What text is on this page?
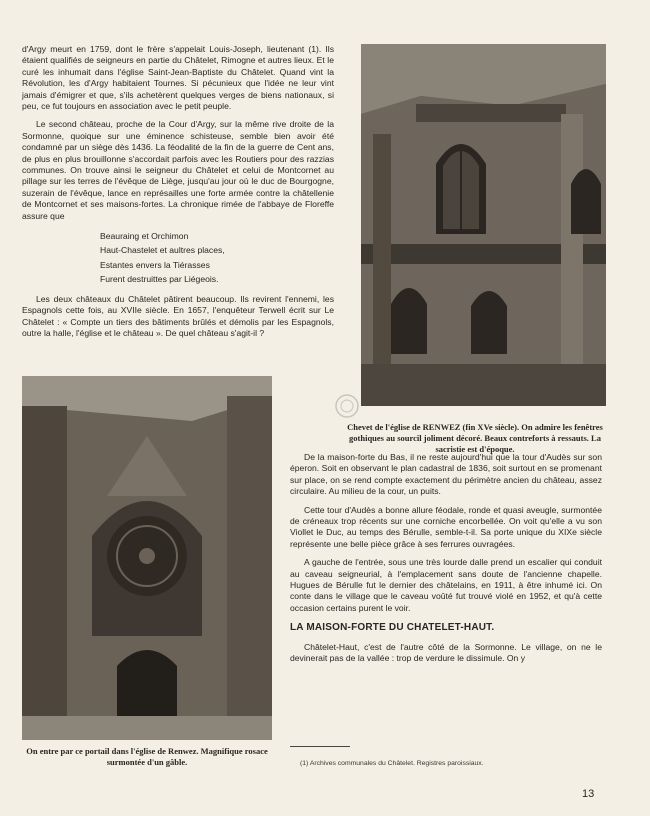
d'Argy meurt en 1759, dont le frère s'appelait Louis-Joseph, lieutenant (1). Ils étaient qualifiés de seigneurs en partie du Châtelet, Rimogne et autres lieux. Et le curé les inhumait dans l'église Saint-Jean-Baptiste du Châtelet. Quand vint la Révolution, les d'Argy habitaient Tournes. Si pécunieux que l'idée ne leur vint jamais d'émigrer et que, s'ils achetèrent quelques verges de biens nationaux, si peu, ce fut toujours en association avec le petit peuple.

Le second château, proche de la Cour d'Argy, sur la même rive droite de la Sormonne, quoique sur une éminence schisteuse, semble bien avoir été condamné par un siège dès 1436. La féodalité de la fin de la guerre de Cent ans, de plus en plus brouillonne s'accordait parfois avec les Routiers pour des razzias communes. On trouve ainsi le seigneur du Châtelet et celui de Montcornet au pillage sur les terres de l'évêque de Liège, jusqu'au jour où le duc de Bourgogne, suzerain de l'évêque, lance en représailles une forte armée contre la châtellenie de Montcornet et ses maisons-fortes. La chronique rimée de l'abbaye de Floreffe assure que

Beauraing et Orchimon
Haut-Chastelet et aultres places,
Estantes envers la Tiérasses
Furent destruittes par Liégeois.

Les deux châteaux du Châtelet pâtirent beaucoup. Ils revirent l'ennemi, les Espagnols cette fois, au XVIIe siècle. En 1657, l'enquêteur Terwell écrit sur Le Châtelet : « Compte un tiers des bâtiments brûlés et démolis par les Espagnols, outre la halle, l'église et le château ». De quel château s'agit-il ?

Chevet de l'église de RENWEZ (fin XVe siècle). On admire les fenêtres gothiques au sourcil joliment décoré. Beaux contreforts à ressauts. La sacristie est d'époque.
On entre par ce portail dans l'église de Renwez. Magnifique rosace surmontée d'un gâble.

De la maison-forte du Bas, il ne reste aujourd'hui que la tour d'Audès sur son éperon. Soit en observant le plan cadastral de 1836, soit surtout en se promenant sur place, on se rend compte exactement du périmètre ancien du château, assez circulaire. Au milieu de la cour, un puits.

Cette tour d'Audès a bonne allure féodale, ronde et quasi aveugle, surmontée de créneaux trop récents sur une corniche encorbellée. On voit qu'elle a vu son Viollet le Duc, au temps des Bérulle, semble-t-il. Sa porte unique du XIXe siècle représente une belle pièce grâce à ses ferrures ouvragées.

A gauche de l'entrée, sous une très lourde dalle prend un escalier qui conduit au caveau seigneurial, à l'emplacement sans doute de l'ancienne chapelle. Hugues de Bérulle fut le dernier des châtelains, en 1911, à être inhumé ici. On conte dans le village que le caveau voûté fut trouvé violé en 1952, et qu'à cette occasion certains purent le voir.

LA MAISON-FORTE DU CHATELET-HAUT.

Châtelet-Haut, c'est de l'autre côté de la Sormonne. Le village, on ne le devinerait pas de la vallée : trop de verdure le dissimule. On y

(1) Archives communales du Châtelet. Registres paroissiaux.
13
